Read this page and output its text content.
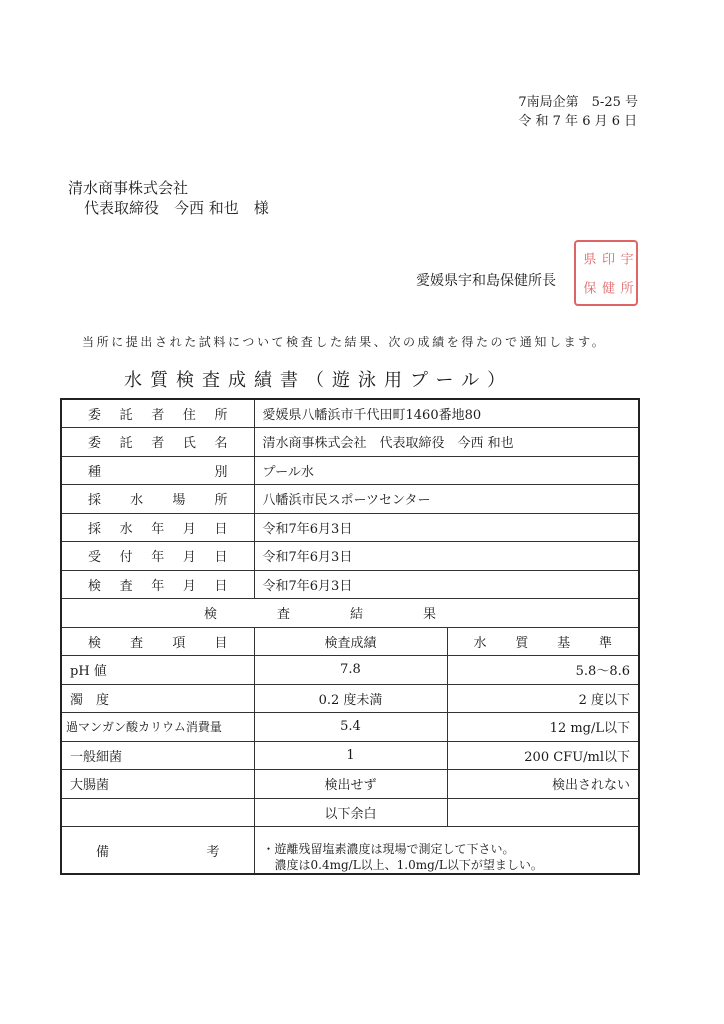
7南局企第　5-25 号
令 和 7 年 6 月 6 日
清水商事株式会社
代表取締役　今西 和也　様
愛媛県宇和島保健所長
県 印 宇
保 健 所
当所に提出された試料について検査した結果、次の成績を得たので通知します。
水質検査成績書（遊泳用プール）
委託者住所	愛媛県八幡浜市千代田町1460番地80	
委託者氏名	清水商事株式会社　代表取締役　今西 和也	
種　　別	プール水	
採水場所	八幡浜市民スポーツセンター	
採水年月日	令和7年6月3日	
受付年月日	令和7年6月3日	
検査年月日	令和7年6月3日	
検査結果		
検査項目	検査成績	水質基準
pH 値	7.8	5.8～8.6
濁　度	0.2 度未満	2 度以下
過マンガン酸カリウム消費量	5.4	12 mg/L以下
一般細菌	1	200 CFU/ml以下
大腸菌	検出せず	検出されない
	以下余白	
備考	・遊離残留塩素濃度は現場で測定して下さい。
濃度は0.4mg/L以上、1.0mg/L以下が望ましい。	
